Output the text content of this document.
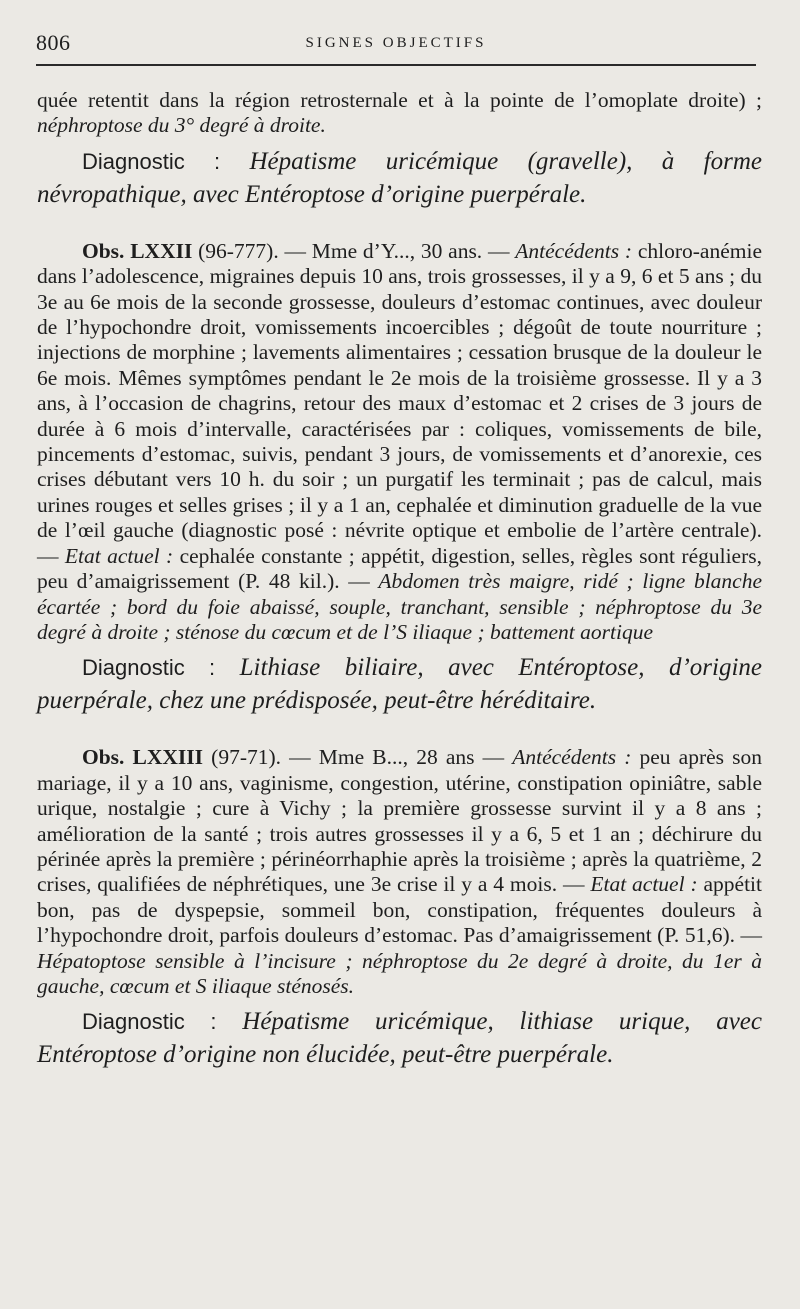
806	SIGNES OBJECTIFS

quée retentit dans la région retrosternale et à la pointe de l’omoplate droite) ; néphroptose du 3° degré à droite.

Diagnostic : Hépatisme uricémique (gravelle), à forme névropathique, avec Entéroptose d’origine puerpérale.

Obs. LXXII (96-777). — Mme d’Y..., 30 ans. — Antécédents : chloro-anémie dans l’adolescence, migraines depuis 10 ans, trois grossesses, il y a 9, 6 et 5 ans ; du 3e au 6e mois de la seconde grossesse, douleurs d’estomac continues, avec douleur de l’hypochondre droit, vomissements incoercibles ; dégoût de toute nourriture ; injections de morphine ; lavements alimentaires ; cessation brusque de la douleur le 6e mois. Mêmes symptômes pendant le 2e mois de la troisième grossesse. Il y a 3 ans, à l’occasion de chagrins, retour des maux d’estomac et 2 crises de 3 jours de durée à 6 mois d’intervalle, caractérisées par : coliques, vomissements de bile, pincements d’estomac, suivis, pendant 3 jours, de vomissements et d’anorexie, ces crises débutant vers 10 h. du soir ; un purgatif les terminait ; pas de calcul, mais urines rouges et selles grises ; il y a 1 an, cephalée et diminution graduelle de la vue de l’œil gauche (diagnostic posé : névrite optique et embolie de l’artère centrale). — Etat actuel : cephalée constante ; appétit, digestion, selles, règles sont réguliers, peu d’amaigrissement (P. 48 kil.). — Abdomen très maigre, ridé ; ligne blanche écartée ; bord du foie abaissé, souple, tranchant, sensible ; néphroptose du 3e degré à droite ; sténose du cœcum et de l’S iliaque ; battement aortique

Diagnostic : Lithiase biliaire, avec Entéroptose, d’origine puerpérale, chez une prédisposée, peut-être héréditaire.

Obs. LXXIII (97-71). — Mme B..., 28 ans — Antécédents : peu après son mariage, il y a 10 ans, vaginisme, congestion, utérine, constipation opiniâtre, sable urique, nostalgie ; cure à Vichy ; la première grossesse survint il y a 8 ans ; amélioration de la santé ; trois autres grossesses il y a 6, 5 et 1 an ; déchirure du périnée après la première ; périnéorrhaphie après la troisième ; après la quatrième, 2 crises, qualifiées de néphrétiques, une 3e crise il y a 4 mois. — Etat actuel : appétit bon, pas de dyspepsie, sommeil bon, constipation, fréquentes douleurs à l’hypochondre droit, parfois douleurs d’estomac. Pas d’amaigrissement (P. 51,6). — Hépatoptose sensible à l’incisure ; néphroptose du 2e degré à droite, du 1er à gauche, cœcum et S iliaque sténosés.

Diagnostic : Hépatisme uricémique, lithiase urique, avec Entéroptose d’origine non élucidée, peut-être puerpérale.
